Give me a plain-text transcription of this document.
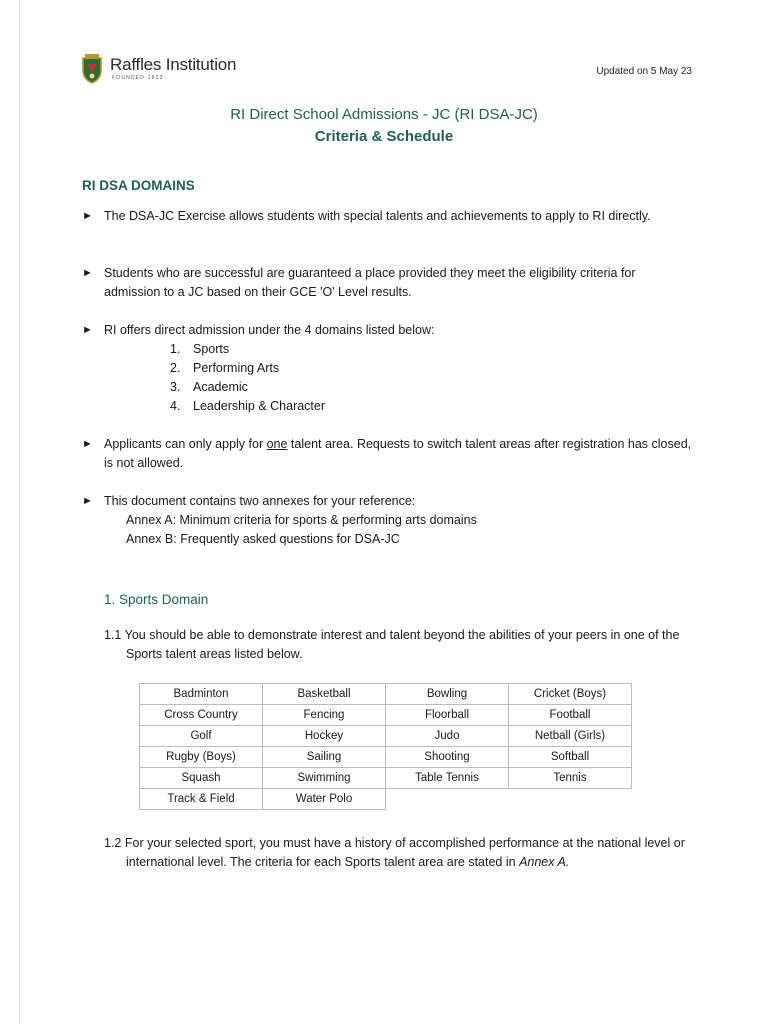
Raffles Institution
FOUNDED 1823
Updated on 5 May 23
RI Direct School Admissions - JC (RI DSA-JC)
Criteria & Schedule
RI DSA DOMAINS
► The DSA-JC Exercise allows students with special talents and achievements to apply to RI directly.
► Students who are successful are guaranteed a place provided they meet the eligibility criteria for admission to a JC based on their GCE 'O' Level results.
► RI offers direct admission under the 4 domains listed below:
1.	Sports
2.	Performing Arts
3.	Academic
4.	Leadership & Character
► Applicants can only apply for one talent area. Requests to switch talent areas after registration has closed, is not allowed.
► This document contains two annexes for your reference:
Annex A: Minimum criteria for sports & performing arts domains
Annex B: Frequently asked questions for DSA-JC
1. Sports Domain
1.1 You should be able to demonstrate interest and talent beyond the abilities of your peers in one of the Sports talent areas listed below.
Badminton	Basketball	Bowling	Cricket (Boys)
Cross Country	Fencing	Floorball	Football
Golf	Hockey	Judo	Netball (Girls)
Rugby (Boys)	Sailing	Shooting	Softball
Squash	Swimming	Table Tennis	Tennis
Track & Field	Water Polo		
1.2 For your selected sport, you must have a history of accomplished performance at the national level or international level. The criteria for each Sports talent area are stated in Annex A.
